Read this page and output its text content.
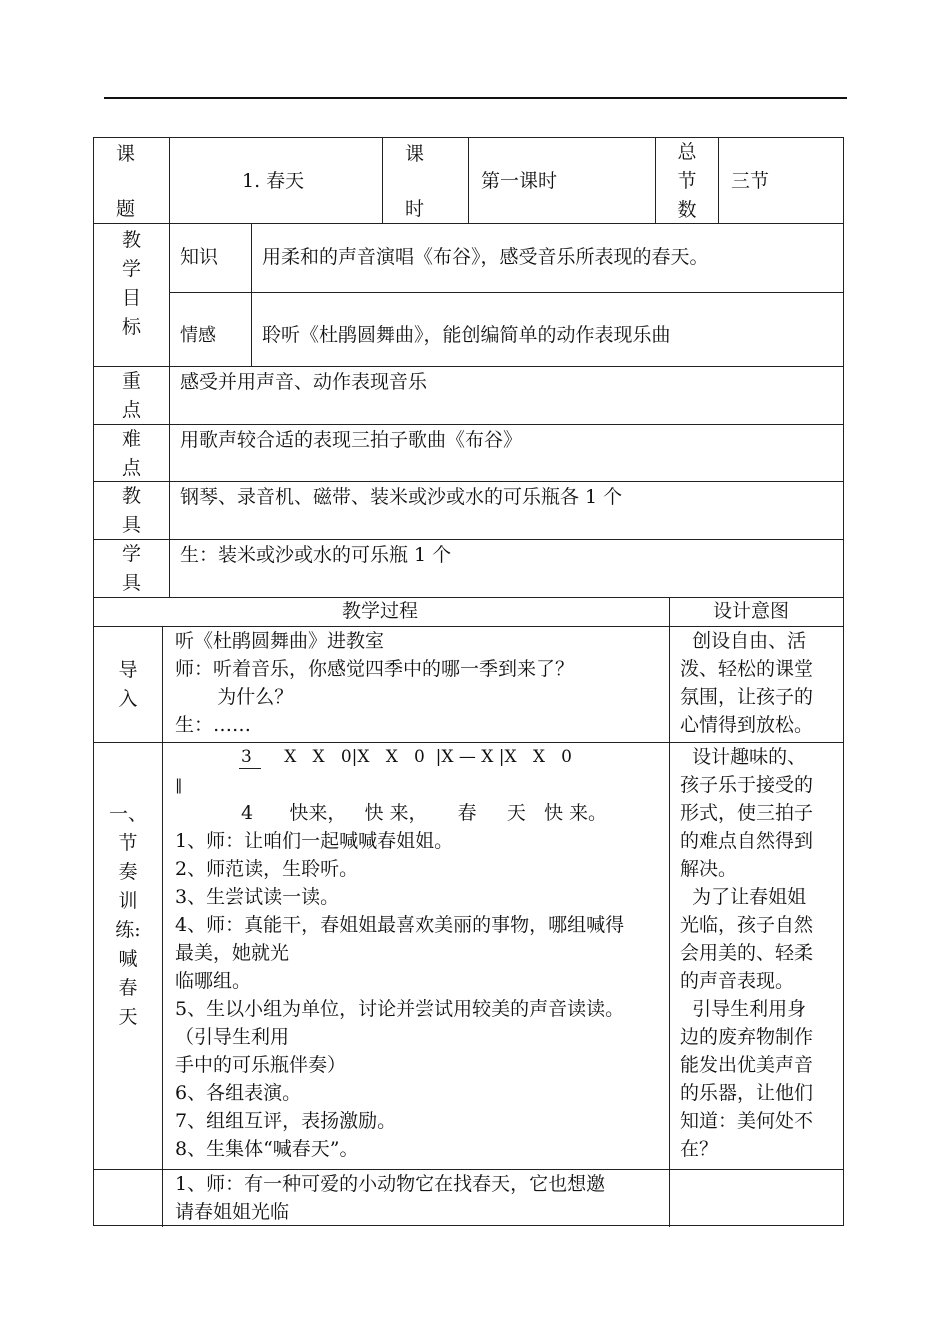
课
题
1. 春天
课
时
第一课时
总
节
数
三节
教
学
目
标
知识 用柔和的声音演唱《布谷》，感受音乐所表现的春天。
情感 聆听《杜鹃圆舞曲》，能创编简单的动作表现乐曲
重
点
感受并用声音、动作表现音乐
难
点
用歌声较合适的表现三拍子歌曲《布谷》
教
具
钢琴、录音机、磁带、装米或沙或水的可乐瓶各 1 个
学
具
生：装米或沙或水的可乐瓶 1 个
教学过程	设计意图
导
入
听《杜鹃圆舞曲》进教室
师：听着音乐，你感觉四季中的哪一季到来了？
为什么？
生：……
创设自由、活
泼、轻松的课堂
氛围，让孩子的
心情得到放松。
一、
节
奏
训
练:
喊
春
天
3      X   X   0|X   X   0  |X — X |X   X   0
‖
4      快来，   快 来，     春     天   快 来。
1、师：让咱们一起喊喊春姐姐。
2、师范读，生聆听。
3、生尝试读一读。
4、师：真能干，春姐姐最喜欢美丽的事物，哪组喊得
最美，她就光
临哪组。
5、生以小组为单位，讨论并尝试用较美的声音读读。
（引导生利用
手中的可乐瓶伴奏）
6、各组表演。
7、组组互评，表扬激励。
8、生集体“喊春天”。
设计趣味的、
孩子乐于接受的
形式，使三拍子
的难点自然得到
解决。
为了让春姐姐
光临，孩子自然
会用美的、轻柔
的声音表现。
引导生利用身
边的废弃物制作
能发出优美声音
的乐器，让他们
知道：美何处不
在？
1、师：有一种可爱的小动物它在找春天，它也想邀
请春姐姐光临
